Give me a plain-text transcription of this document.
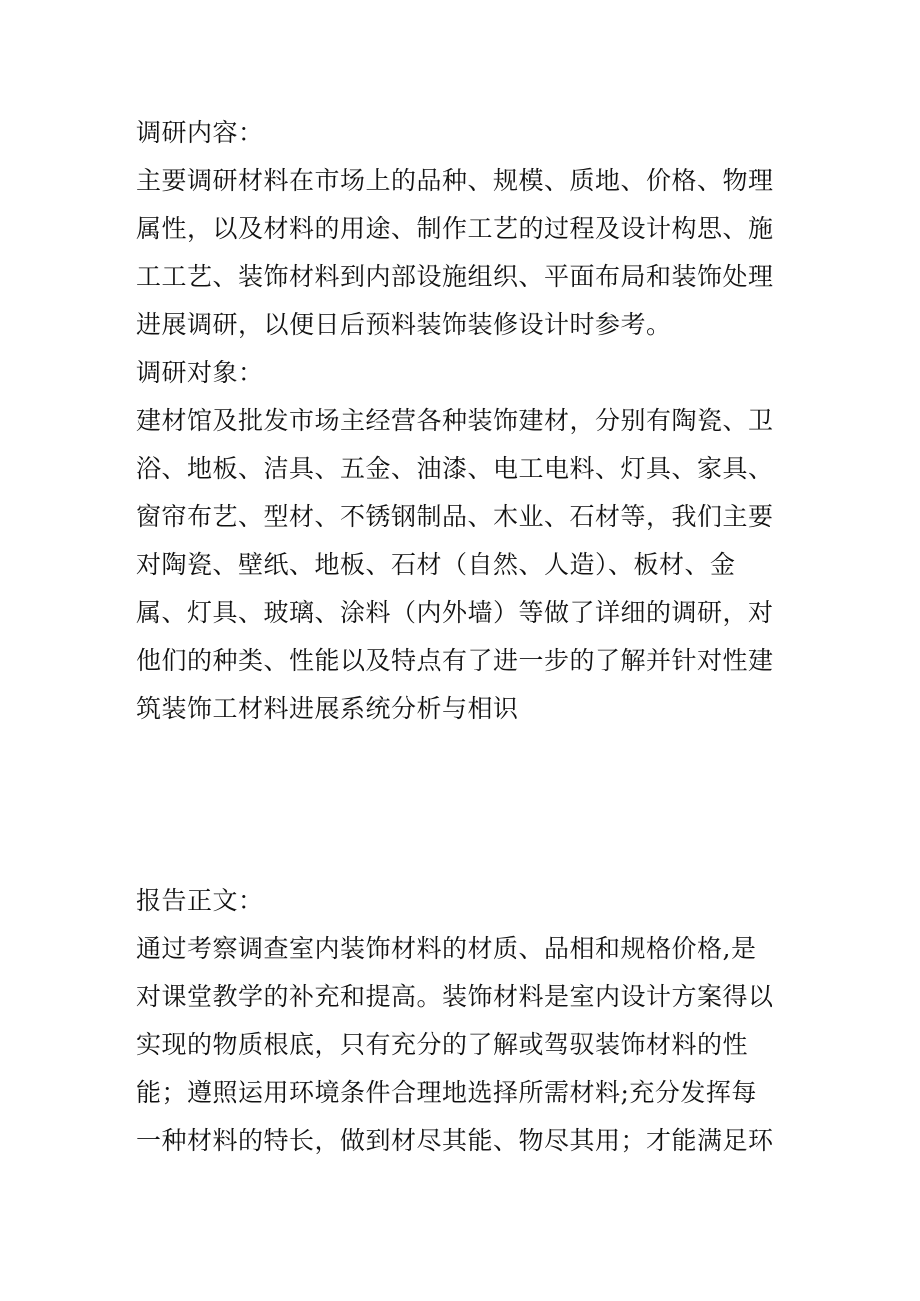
调研内容：
主要调研材料在市场上的品种、规模、质地、价格、物理
属性，以及材料的用途、制作工艺的过程及设计构思、施
工工艺、装饰材料到内部设施组织、平面布局和装饰处理
进展调研，以便日后预料装饰装修设计时参考。
调研对象：
建材馆及批发市场主经营各种装饰建材，分别有陶瓷、卫
浴、地板、洁具、五金、油漆、电工电料、灯具、家具、
窗帘布艺、型材、不锈钢制品、木业、石材等，我们主要
对陶瓷、壁纸、地板、石材（自然、人造）、板材、金
属、灯具、玻璃、涂料（内外墙）等做了详细的调研，对
他们的种类、性能以及特点有了进一步的了解并针对性建
筑装饰工材料进展系统分析与相识
报告正文：
通过考察调查室内装饰材料的材质、品相和规格价格,是
对课堂教学的补充和提高。装饰材料是室内设计方案得以
实现的物质根底，只有充分的了解或驾驭装饰材料的性
能；遵照运用环境条件合理地选择所需材料;充分发挥每
一种材料的特长，做到材尽其能、物尽其用；才能满足环
